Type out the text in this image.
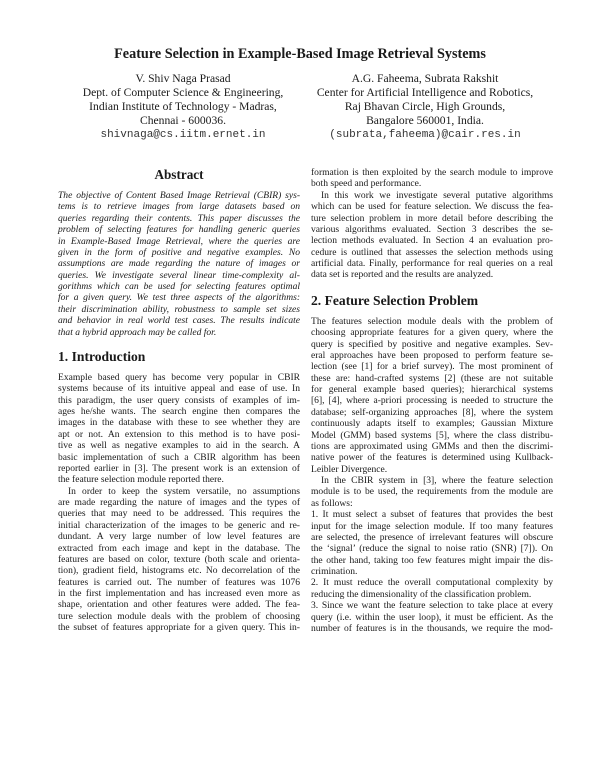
Feature Selection in Example-Based Image Retrieval Systems
V. Shiv Naga Prasad
Dept. of Computer Science & Engineering,
Indian Institute of Technology - Madras,
Chennai - 600036.
shivnaga@cs.iitm.ernet.in
A.G. Faheema, Subrata Rakshit
Center for Artificial Intelligence and Robotics,
Raj Bhavan Circle, High Grounds,
Bangalore 560001, India.
(subrata,faheema)@cair.res.in
Abstract
The objective of Content Based Image Retrieval (CBIR) sys-
tems is to retrieve images from large datasets based on
queries regarding their contents. This paper discusses the
problem of selecting features for handling generic queries
in Example-Based Image Retrieval, where the queries are
given in the form of positive and negative examples. No
assumptions are made regarding the nature of images or
queries. We investigate several linear time-complexity al-
gorithms which can be used for selecting features optimal
for a given query. We test three aspects of the algorithms:
their discrimination ability, robustness to sample set sizes
and behavior in real world test cases. The results indicate
that a hybrid approach may be called for.
1. Introduction
Example based query has become very popular in CBIR
systems because of its intuitive appeal and ease of use. In
this paradigm, the user query consists of examples of im-
ages he/she wants. The search engine then compares the
images in the database with these to see whether they are
apt or not. An extension to this method is to have posi-
tive as well as negative examples to aid in the search. A
basic implementation of such a CBIR algorithm has been
reported earlier in [3]. The present work is an extension of
the feature selection module reported there.
In order to keep the system versatile, no assumptions
are made regarding the nature of images and the types of
queries that may need to be addressed. This requires the
initial characterization of the images to be generic and re-
dundant. A very large number of low level features are
extracted from each image and kept in the database. The
features are based on color, texture (both scale and orienta-
tion), gradient field, histograms etc. No decorrelation of the
features is carried out. The number of features was 1076
in the first implementation and has increased even more as
shape, orientation and other features were added. The fea-
ture selection module deals with the problem of choosing
the subset of features appropriate for a given query. This in-
formation is then exploited by the search module to improve
both speed and performance.
In this work we investigate several putative algorithms
which can be used for feature selection. We discuss the fea-
ture selection problem in more detail before describing the
various algorithms evaluated. Section 3 describes the se-
lection methods evaluated. In Section 4 an evaluation pro-
cedure is outlined that assesses the selection methods using
artificial data. Finally, performance for real queries on a real
data set is reported and the results are analyzed.
2. Feature Selection Problem
The features selection module deals with the problem of
choosing appropriate features for a given query, where the
query is specified by positive and negative examples. Sev-
eral approaches have been proposed to perform feature se-
lection (see [1] for a brief survey). The most prominent of
these are: hand-crafted systems [2] (these are not suitable
for general example based queries); hierarchical systems
[6], [4], where a-priori processing is needed to structure the
database; self-organizing approaches [8], where the system
continuously adapts itself to examples; Gaussian Mixture
Model (GMM) based systems [5], where the class distribu-
tions are approximated using GMMs and then the discrimi-
native power of the features is determined using Kullback-
Leibler Divergence.
In the CBIR system in [3], where the feature selection
module is to be used, the requirements from the module are
as follows:
1. It must select a subset of features that provides the best
input for the image selection module. If too many features
are selected, the presence of irrelevant features will obscure
the ‘signal’ (reduce the signal to noise ratio (SNR) [7]). On
the other hand, taking too few features might impair the dis-
crimination.
2. It must reduce the overall computational complexity by
reducing the dimensionality of the classification problem.
3. Since we want the feature selection to take place at every
query (i.e. within the user loop), it must be efficient. As the
number of features is in the thousands, we require the mod-
